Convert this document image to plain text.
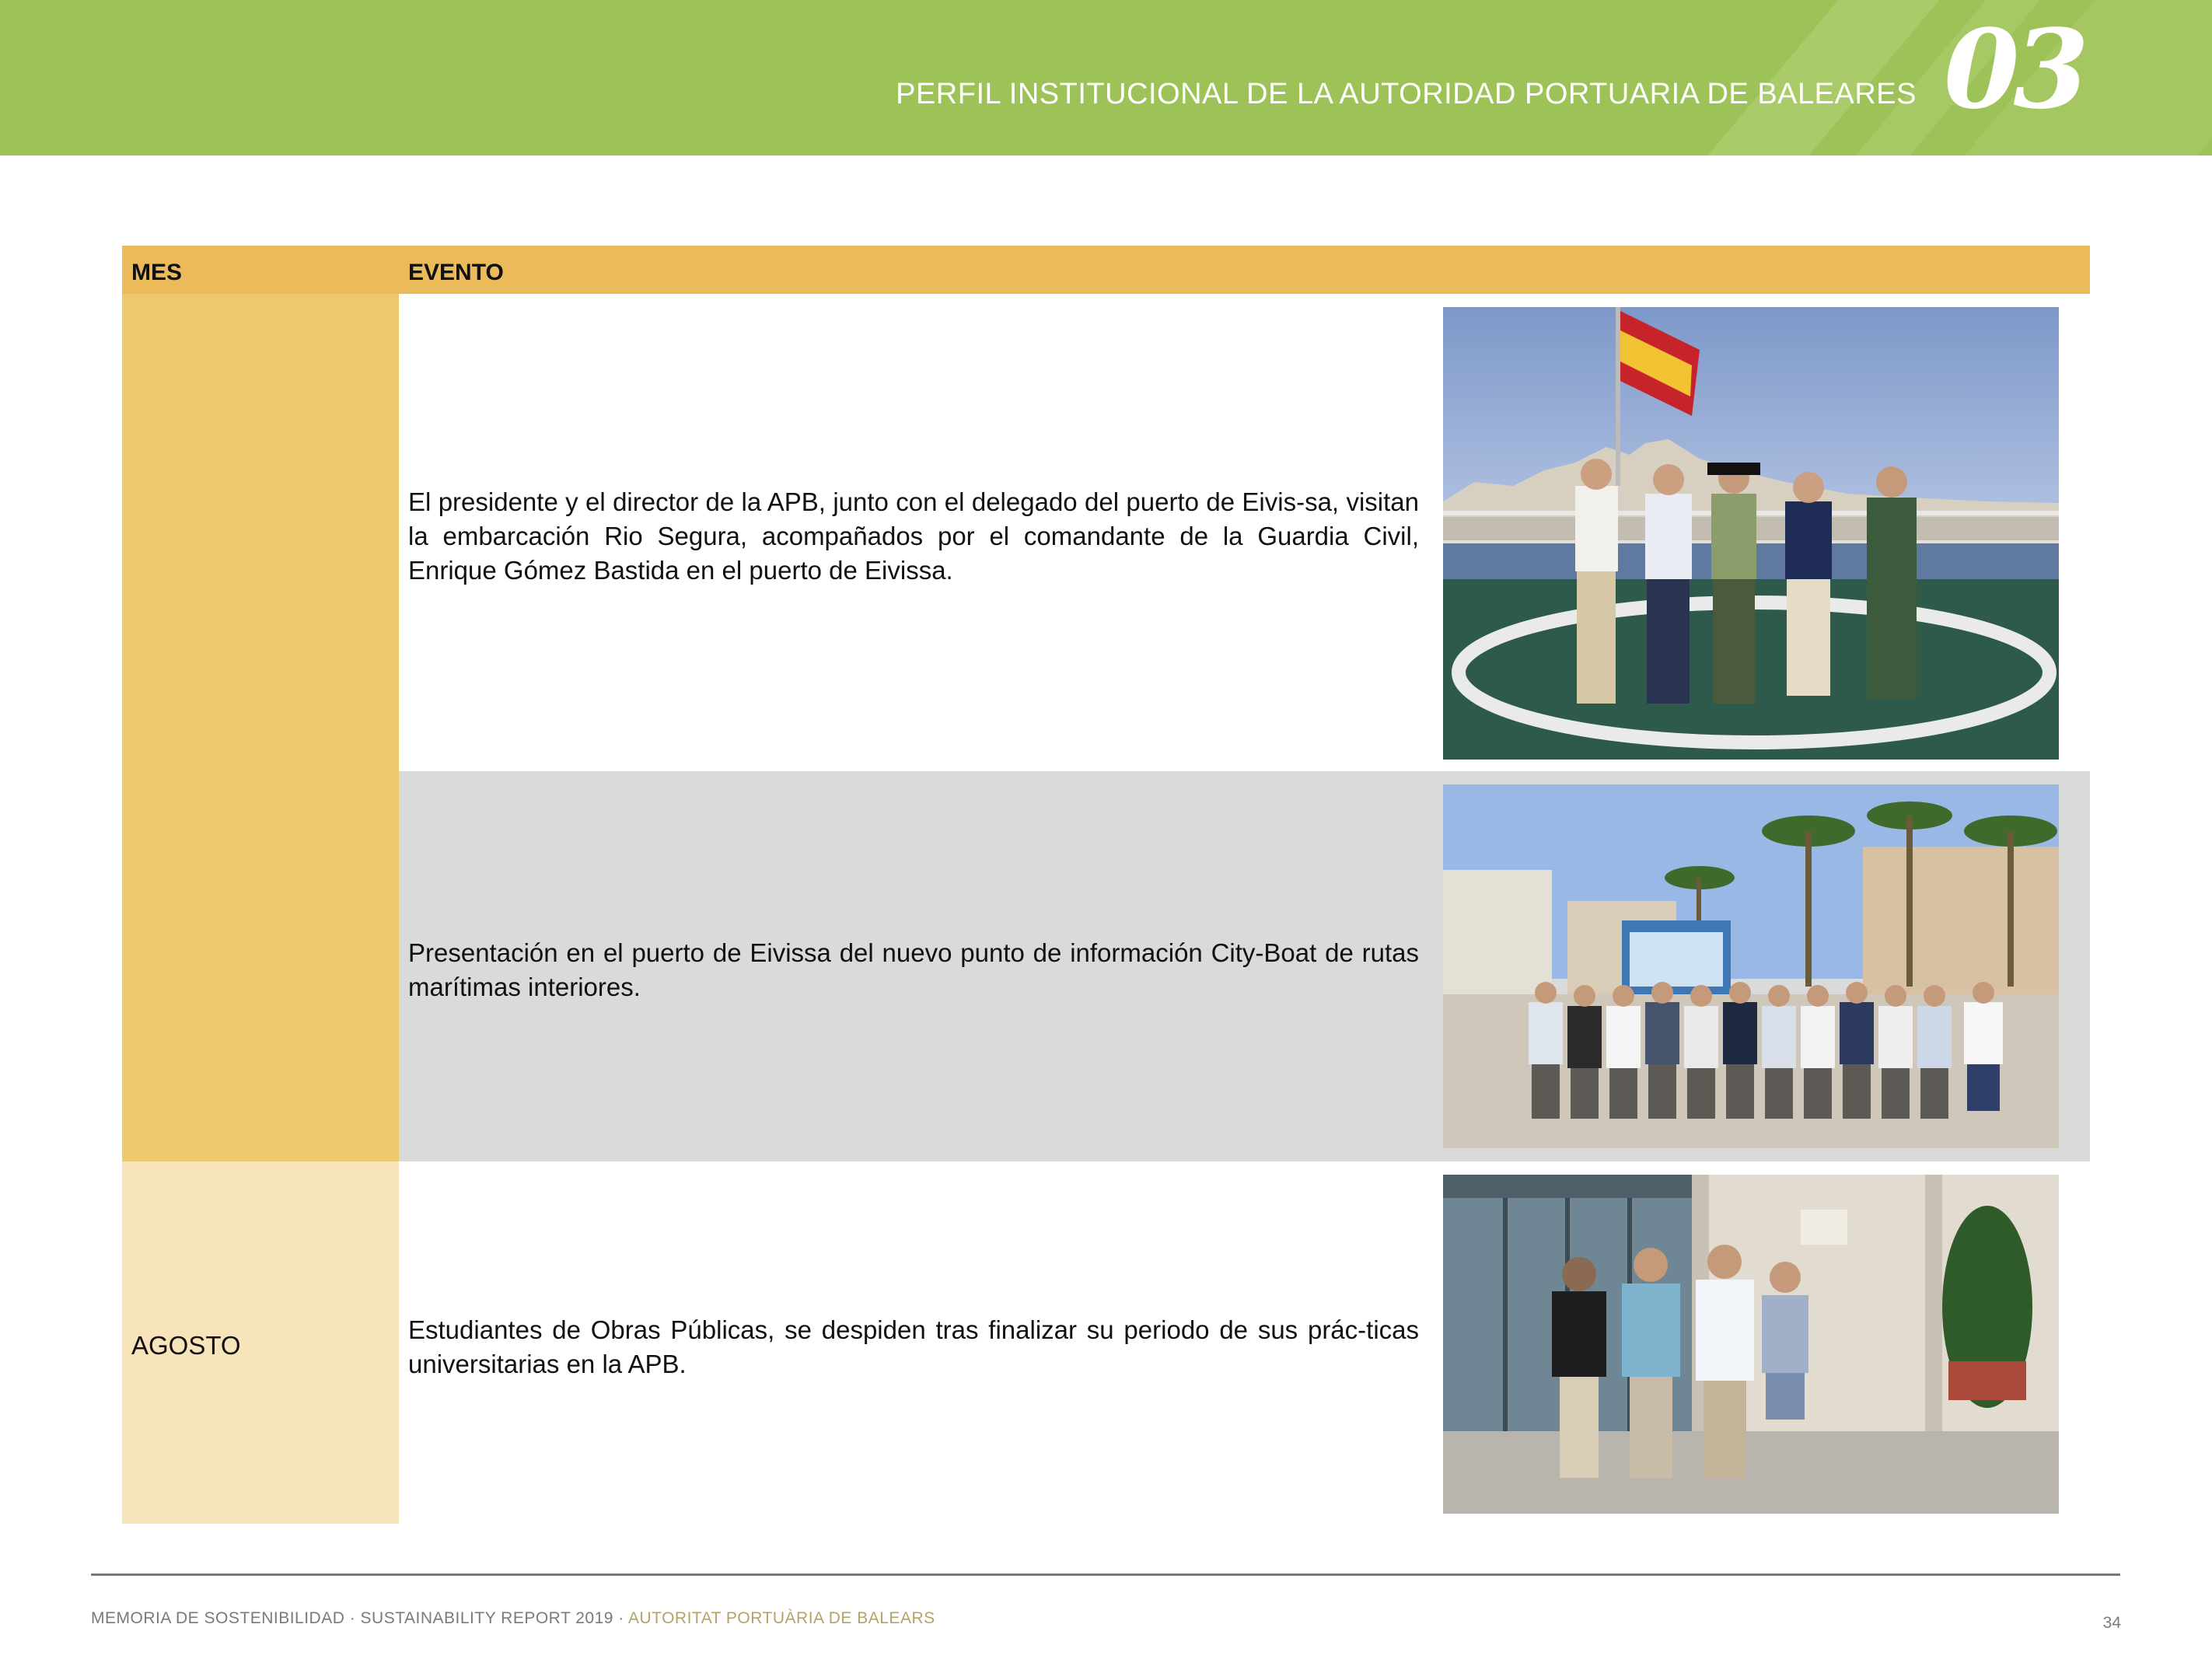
PERFIL INSTITUCIONAL DE LA AUTORIDAD PORTUARIA DE BALEARES 03
MES	EVENTO
AGOSTO
El presidente y el director de la APB, junto con el delegado del puerto de Eivis-sa, visitan la embarcación Rio Segura, acompañados por el comandante de la Guardia Civil, Enrique Gómez Bastida en el puerto de Eivissa.
Presentación en el puerto de Eivissa del nuevo punto de información City-Boat de rutas marítimas interiores.
Estudiantes de Obras Públicas, se despiden tras finalizar su periodo de sus prác-ticas universitarias en la APB.
MEMORIA DE SOSTENIBILIDAD · SUSTAINABILITY REPORT 2019 · AUTORITAT PORTUÀRIA DE BALEARS	34
